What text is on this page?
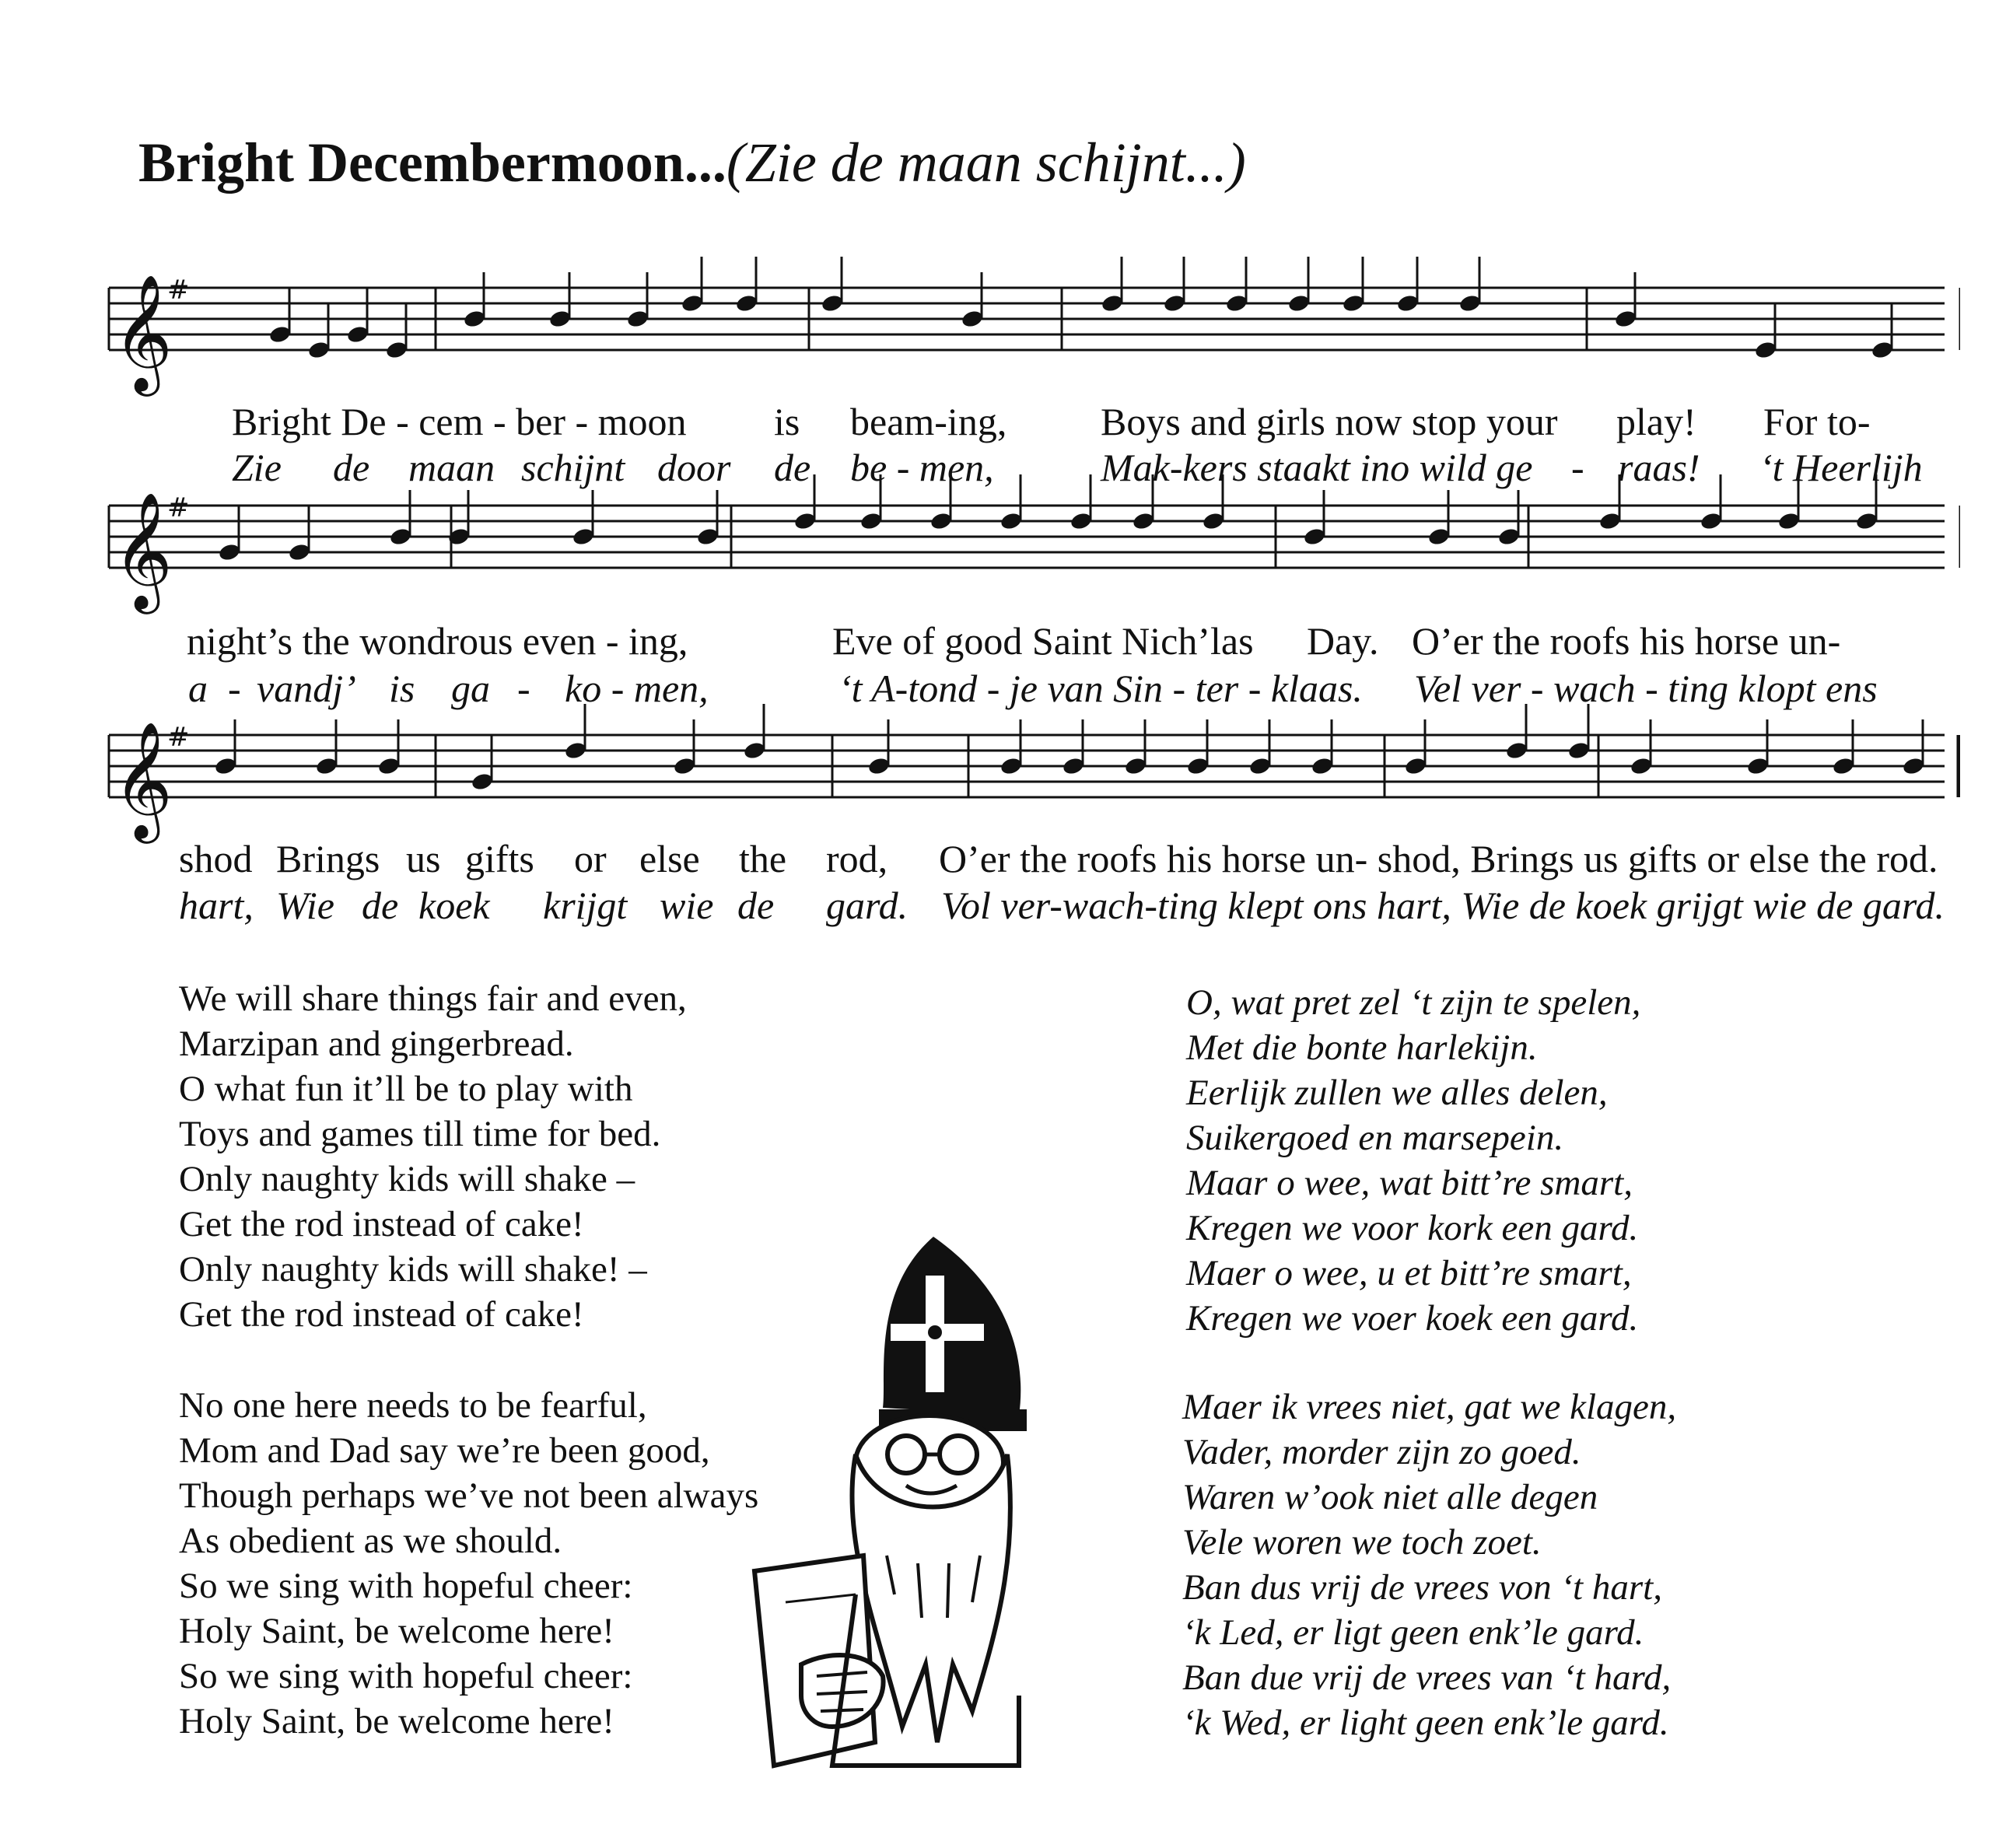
Bright Decembermoon...(Zie de maan schijnt...)
𝄞
#
𝄞
#
𝄞
#
Bright De - cem - ber - moon is beam-ing, Boys and girls now stop your play! For to-
Zie de maan schijnt door de be - men,	Mak-kers staakt ino wild ge - raas! ‘t Heerlijh
night’s the wondrous even - ing,	Eve of good Saint Nich’las Day. O’er the roofs his horse un-
a - vandj’ is ga - ko - men,	‘t A-tond - je van Sin - ter - klaas. Vel ver - wach - ting klopt ens
shod Brings us gifts or else the rod, O’er the roofs his horse un- shod, Brings us gifts or else the rod.
hart, Wie de koek krijgt wie de gard. Vol ver-wach-ting klept ons hart, Wie de koek grijgt wie de gard.
We will share things fair and even,
Marzipan and gingerbread.
O what fun it’ll be to play with
Toys and games till time for bed.
Only naughty kids will shake –
Get the rod instead of cake!
Only naughty kids will shake! –
Get the rod instead of cake!
No one here needs to be fearful,
Mom and Dad say we’re been good,
Though perhaps we’ve not been always
As obedient as we should.
So we sing with hopeful cheer:
Holy Saint, be welcome here!
So we sing with hopeful cheer:
Holy Saint, be welcome here!
O, wat pret zel ‘t zijn te spelen,
Met die bonte harlekijn.
Eerlijk zullen we alles delen,
Suikergoed en marsepein.
Maar o wee, wat bitt’re smart,
Kregen we voor kork een gard.
Maer o wee, u et bitt’re smart,
Kregen we voer koek een gard.
Maer ik vrees niet, gat we klagen,
Vader, morder zijn zo goed.
Waren w’ook niet alle degen
Vele woren we toch zoet.
Ban dus vrij de vrees von ‘t hart,
‘k Led, er ligt geen enk’le gard.
Ban due vrij de vrees van ‘t hard,
‘k Wed, er light geen enk’le gard.
